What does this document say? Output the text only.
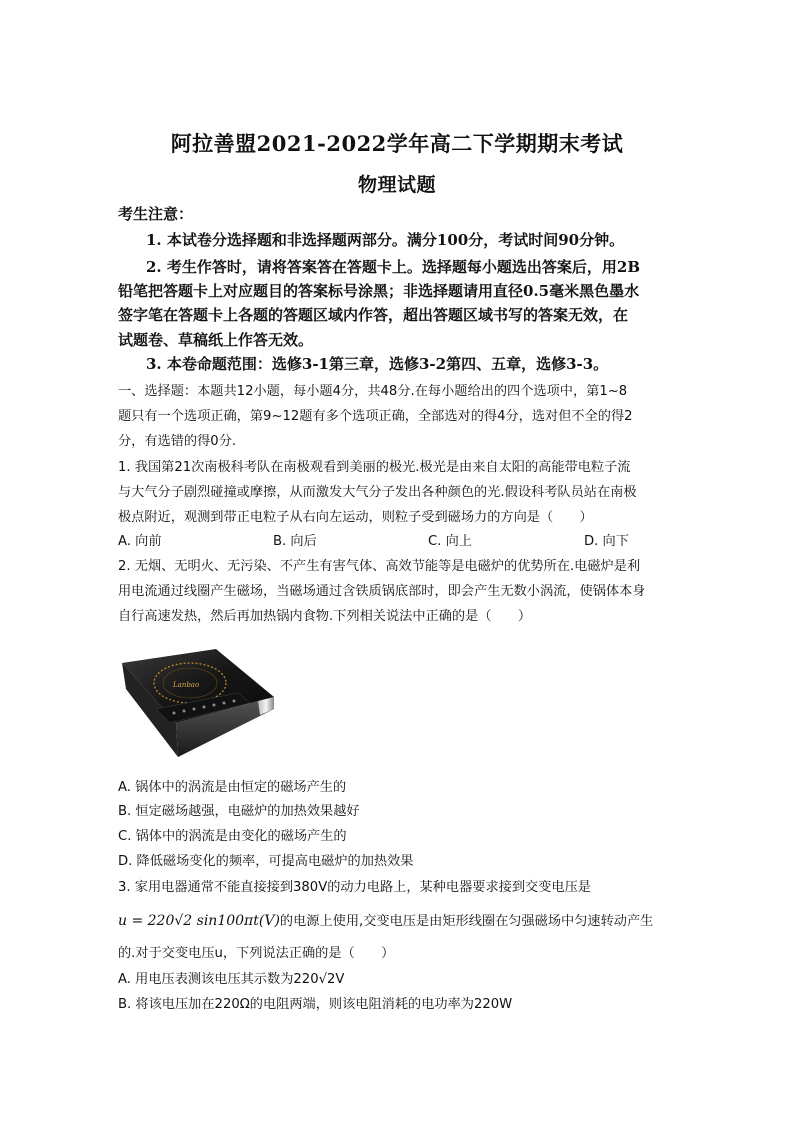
阿拉善盟2021-2022学年高二下学期期末考试
物理试题
考生注意：
1. 本试卷分选择题和非选择题两部分。满分100分，考试时间90分钟。
2. 考生作答时，请将答案答在答题卡上。选择题每小题选出答案后，用2B
铅笔把答题卡上对应题目的答案标号涂黑；非选择题请用直径0.5毫米黑色墨水
签字笔在答题卡上各题的答题区域内作答，超出答题区域书写的答案无效，在
试题卷、草稿纸上作答无效。
3. 本卷命题范围：选修3-1第三章，选修3-2第四、五章，选修3-3。
一、选择题：本题共12小题，每小题4分，共48分.在每小题给出的四个选项中，第1~8
题只有一个选项正确，第9~12题有多个选项正确，全部选对的得4分，选对但不全的得2
分，有选错的得0分.
1. 我国第21次南极科考队在南极观看到美丽的极光.极光是由来自太阳的高能带电粒子流
与大气分子剧烈碰撞或摩擦，从而激发大气分子发出各种颜色的光.假设科考队员站在南极
极点附近，观测到带正电粒子从右向左运动，则粒子受到磁场力的方向是（　　）
A. 向前	B. 向后	C. 向上	D. 向下
2. 无烟、无明火、无污染、不产生有害气体、高效节能等是电磁炉的优势所在.电磁炉是利
用电流通过线圈产生磁场，当磁场通过含铁质锅底部时，即会产生无数小涡流，使锅体本身
自行高速发热，然后再加热锅内食物.下列相关说法中正确的是（　　）
Lanbao
A. 锅体中的涡流是由恒定的磁场产生的
B. 恒定磁场越强，电磁炉的加热效果越好
C. 锅体中的涡流是由变化的磁场产生的
D. 降低磁场变化的频率，可提高电磁炉的加热效果
3. 家用电器通常不能直接接到380V的动力电路上，某种电器要求接到交变电压是
u = 220√2 sin100πt(V)的电源上使用,交变电压是由矩形线圈在匀强磁场中匀速转动产生
的.对于交变电压u，下列说法正确的是（　　）
A. 用电压表测该电压其示数为220√2V
B. 将该电压加在220Ω的电阻两端，则该电阻消耗的电功率为220W
